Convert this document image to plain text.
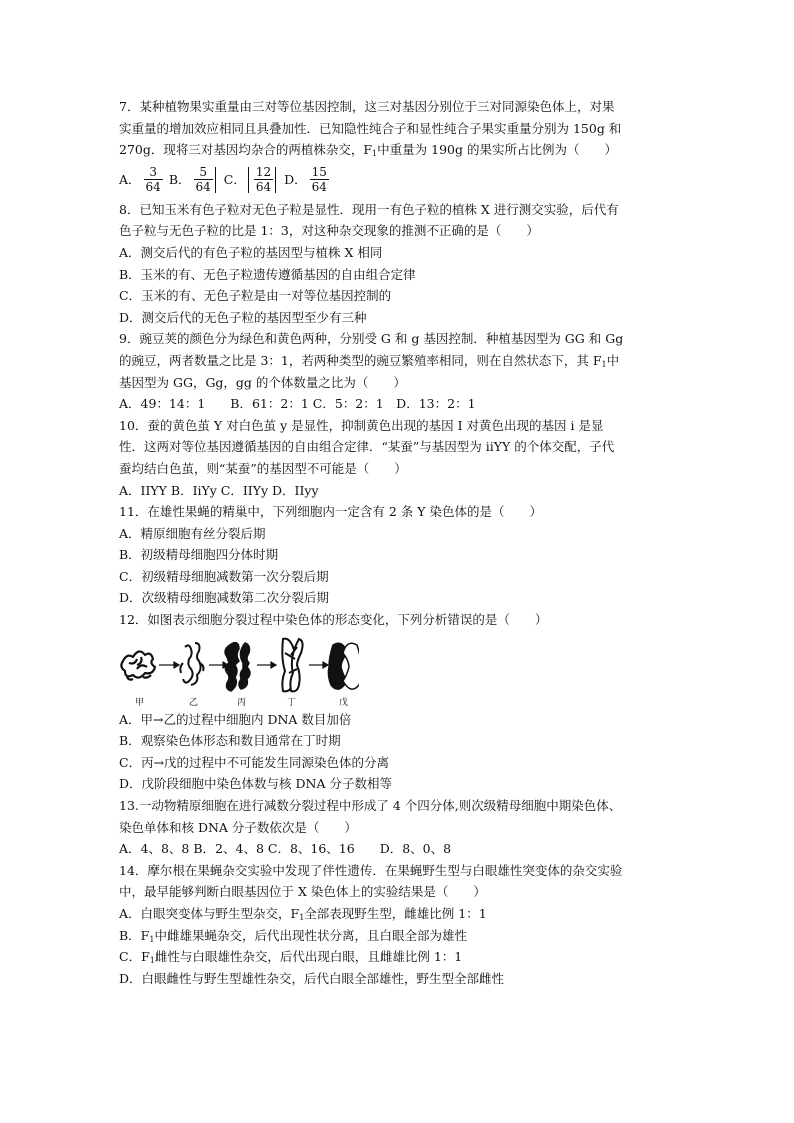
7．某种植物果实重量由三对等位基因控制，这三对基因分别位于三对同源染色体上，对果
实重量的增加效应相同且具叠加性．已知隐性纯合子和显性纯合子果实重量分别为 150g 和
270g．现将三对基因均杂合的两植株杂交，$F_1$中重量为 190g 的果实所占比例为（　　）
A． $\frac{3}{64}$ B． $\frac{5}{64}$ C． $\frac{12}{64}$ D． $\frac{15}{64}$
8．已知玉米有色子粒对无色子粒是显性．现用一有色子粒的植株 X 进行测交实验，后代有
色子粒与无色子粒的比是 1：3，对这种杂交现象的推测不正确的是（　　）
A．测交后代的有色子粒的基因型与植株 X 相同
B．玉米的有、无色子粒遗传遵循基因的自由组合定律
C．玉米的有、无色子粒是由一对等位基因控制的
D．测交后代的无色子粒的基因型至少有三种
9．豌豆荚的颜色分为绿色和黄色两种，分别受 G 和 g 基因控制．种植基因型为 GG 和 Gg
的豌豆，两者数量之比是 3：1，若两种类型的豌豆繁殖率相同，则在自然状态下，其 $F_1$中
基因型为 GG，Gg，gg 的个体数量之比为（　　）
A．49：14：1　　B．61：2：1 C．5：2：1　D．13：2：1
10．蚕的黄色茧 Y 对白色茧 y 是显性，抑制黄色出现的基因 I 对黄色出现的基因 i 是显
性．这两对等位基因遵循基因的自由组合定律．“某蚕”与基因型为 iiYY 的个体交配，子代
蚕均结白色茧，则“某蚕”的基因型不可能是（　　）
A．IIYY B．IiYy C．IIYy D．IIyy
11．在雄性果蝇的精巢中，下列细胞内一定含有 2 条 Y 染色体的是（　　）
A．精原细胞有丝分裂后期
B．初级精母细胞四分体时期
C．初级精母细胞减数第一次分裂后期
D．次级精母细胞减数第二次分裂后期
12．如图表示细胞分裂过程中染色体的形态变化，下列分析错误的是（　　）
甲	乙	丙	丁	戊
A．甲→乙的过程中细胞内 DNA 数目加倍
B．观察染色体形态和数目通常在丁时期
C．丙→戊的过程中不可能发生同源染色体的分离
D．戊阶段细胞中染色体数与核 DNA 分子数相等
13.一动物精原细胞在进行减数分裂过程中形成了 4 个四分体,则次级精母细胞中期染色体、
染色单体和核 DNA 分子数依次是（　　）
A．4、8、8 B．2、4、8 C．8、16、16　　D．8、0、8
14．摩尔根在果蝇杂交实验中发现了伴性遗传．在果蝇野生型与白眼雄性突变体的杂交实验
中，最早能够判断白眼基因位于 X 染色体上的实验结果是（　　）
A．白眼突变体与野生型杂交，$F_1$全部表现野生型，雌雄比例 1：1
B．$F_1$中雌雄果蝇杂交，后代出现性状分离，且白眼全部为雄性
C．$F_1$雌性与白眼雄性杂交，后代出现白眼，且雌雄比例 1：1
D．白眼雌性与野生型雄性杂交，后代白眼全部雄性，野生型全部雌性
